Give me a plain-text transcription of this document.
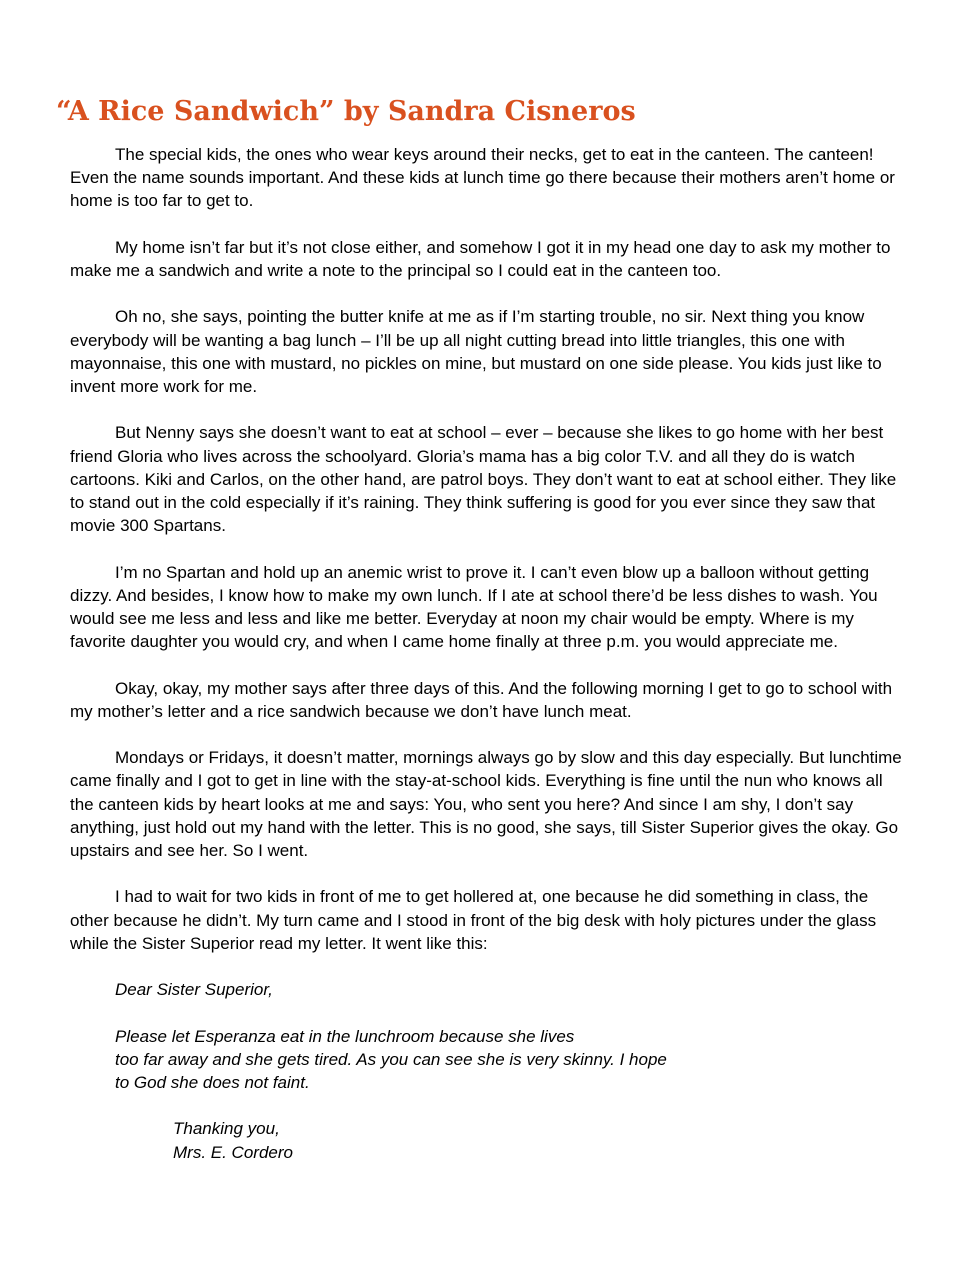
“A Rice Sandwich” by Sandra Cisneros

The special kids, the ones who wear keys around their necks, get to eat in the canteen. The canteen! Even the name sounds important. And these kids at lunch time go there because their mothers aren’t home or home is too far to get to.

My home isn’t far but it’s not close either, and somehow I got it in my head one day to ask my mother to make me a sandwich and write a note to the principal so I could eat in the canteen too.

Oh no, she says, pointing the butter knife at me as if I’m starting trouble, no sir. Next thing you know everybody will be wanting a bag lunch – I’ll be up all night cutting bread into little triangles, this one with mayonnaise, this one with mustard, no pickles on mine, but mustard on one side please. You kids just like to invent more work for me.

But Nenny says she doesn’t want to eat at school – ever – because she likes to go home with her best friend Gloria who lives across the schoolyard. Gloria’s mama has a big color T.V. and all they do is watch cartoons. Kiki and Carlos, on the other hand, are patrol boys. They don’t want to eat at school either. They like to stand out in the cold especially if it’s raining. They think suffering is good for you ever since they saw that movie 300 Spartans.

I’m no Spartan and hold up an anemic wrist to prove it. I can’t even blow up a balloon without getting dizzy. And besides, I know how to make my own lunch. If I ate at school there’d be less dishes to wash. You would see me less and less and like me better. Everyday at noon my chair would be empty. Where is my favorite daughter you would cry, and when I came home finally at three p.m. you would appreciate me.

Okay, okay, my mother says after three days of this. And the following morning I get to go to school with my mother’s letter and a rice sandwich because we don’t have lunch meat.

Mondays or Fridays, it doesn’t matter, mornings always go by slow and this day especially. But lunchtime came finally and I got to get in line with the stay-at-school kids. Everything is fine until the nun who knows all the canteen kids by heart looks at me and says: You, who sent you here? And since I am shy, I don’t say anything, just hold out my hand with the letter. This is no good, she says, till Sister Superior gives the okay. Go upstairs and see her. So I went.

I had to wait for two kids in front of me to get hollered at, one because he did something in class, the other because he didn’t. My turn came and I stood in front of the big desk with holy pictures under the glass while the Sister Superior read my letter. It went like this:

Dear Sister Superior,

Please let Esperanza eat in the lunchroom because she lives
too far away and she gets tired. As you can see she is very skinny. I hope
to God she does not faint.

Thanking you,
Mrs. E. Cordero
